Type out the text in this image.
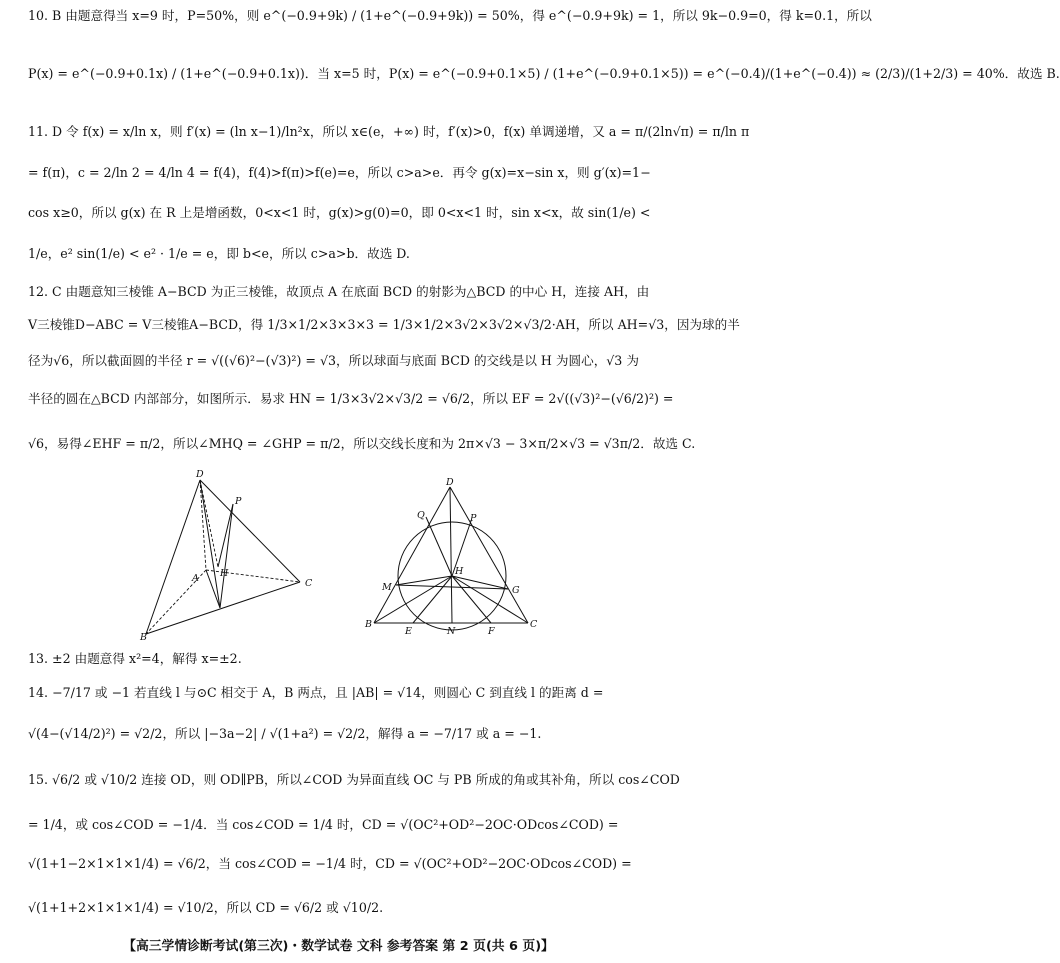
10. B 由题意得当 x=9 时，P=50%，则 e^(−0.9+9k) / (1+e^(−0.9+9k)) = 50%，得 e^(−0.9+9k) = 1，所以 9k−0.9=0，得 k=0.1，所以
P(x) = e^(−0.9+0.1x) / (1+e^(−0.9+0.1x))．当 x=5 时，P(x) = e^(−0.9+0.1×5) / (1+e^(−0.9+0.1×5)) = e^(−0.4)/(1+e^(−0.4)) ≈ (2/3)/(1+2/3) = 40%．故选 B.
11. D 令 f(x) = x/ln x，则 f′(x) = (ln x−1)/ln²x，所以 x∈(e，+∞) 时，f′(x)>0，f(x) 单调递增，又 a = π/(2ln√π) = π/ln π
= f(π)，c = 2/ln 2 = 4/ln 4 = f(4)，f(4)>f(π)>f(e)=e，所以 c>a>e．再令 g(x)=x−sin x，则 g′(x)=1−
cos x≥0，所以 g(x) 在 R 上是增函数，0<x<1 时，g(x)>g(0)=0，即 0<x<1 时，sin x<x，故 sin(1/e) <
1/e，e² sin(1/e) < e² · 1/e = e，即 b<e，所以 c>a>b．故选 D.
12. C 由题意知三棱锥 A−BCD 为正三棱锥，故顶点 A 在底面 BCD 的射影为△BCD 的中心 H，连接 AH，由
V三棱锥D−ABC = V三棱锥A−BCD，得 1/3×1/2×3×3×3 = 1/3×1/2×3√2×3√2×√3/2·AH，所以 AH=√3，因为球的半
径为√6，所以截面圆的半径 r = √((√6)²−(√3)²) = √3，所以球面与底面 BCD 的交线是以 H 为圆心，√3 为
半径的圆在△BCD 内部部分，如图所示．易求 HN = 1/3×3√2×√3/2 = √6/2，所以 EF = 2√((√3)²−(√6/2)²) =
√6，易得∠EHF = π/2，所以∠MHQ = ∠GHP = π/2，所以交线长度和为 2π×√3 − 3×π/2×√3 = √3π/2．故选 C.
D
P
A H
C
B
D
Q	P
H
M	G
B
E	N	F
C
13. ±2 由题意得 x²=4，解得 x=±2.
14. −7/17 或 −1 若直线 l 与⊙C 相交于 A，B 两点，且 |AB| = √14，则圆心 C 到直线 l 的距离 d =
√(4−(√14/2)²) = √2/2，所以 |−3a−2| / √(1+a²) = √2/2，解得 a = −7/17 或 a = −1.
15. √6/2 或 √10/2 连接 OD，则 OD∥PB，所以∠COD 为异面直线 OC 与 PB 所成的角或其补角，所以 cos∠COD
= 1/4，或 cos∠COD = −1/4．当 cos∠COD = 1/4 时，CD = √(OC²+OD²−2OC·ODcos∠COD) =
√(1+1−2×1×1×1/4) = √6/2，当 cos∠COD = −1/4 时，CD = √(OC²+OD²−2OC·ODcos∠COD) =
√(1+1+2×1×1×1/4) = √10/2，所以 CD = √6/2 或 √10/2.
【高三学情诊断考试(第三次)・数学试卷 文科 参考答案 第 2 页(共 6 页)】
